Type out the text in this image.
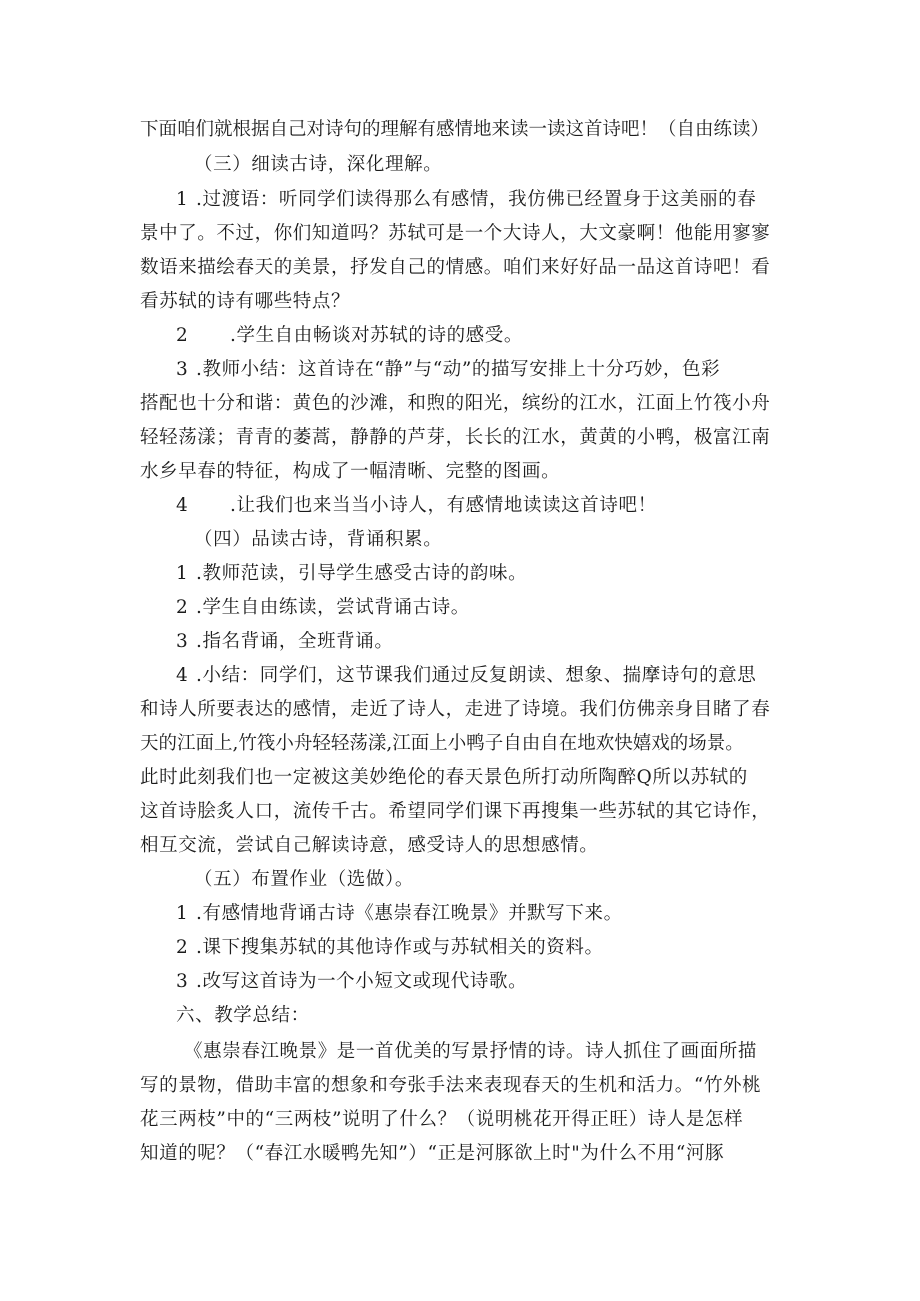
下面咱们就根据自己对诗句的理解有感情地来读一读这首诗吧！（自由练读）
（三）细读古诗，深化理解。
1 .过渡语：听同学们读得那么有感情，我仿佛已经置身于这美丽的春
景中了。不过，你们知道吗？苏轼可是一个大诗人，大文豪啊！他能用寥寥
数语来描绘春天的美景，抒发自己的情感。咱们来好好品一品这首诗吧！看
看苏轼的诗有哪些特点？
2 .学生自由畅谈对苏轼的诗的感受。
3 .教师小结：这首诗在“静”与“动”的描写安排上十分巧妙，色彩
搭配也十分和谐：黄色的沙滩，和煦的阳光，缤纷的江水，江面上竹筏小舟
轻轻荡漾；青青的萎蒿，静静的芦芽，长长的江水，黄黄的小鸭，极富江南
水乡早春的特征，构成了一幅清晰、完整的图画。
4 .让我们也来当当小诗人，有感情地读读这首诗吧！
（四）品读古诗，背诵积累。
1 .教师范读，引导学生感受古诗的韵味。
2 .学生自由练读，尝试背诵古诗。
3 .指名背诵，全班背诵。
4 .小结：同学们，这节课我们通过反复朗读、想象、揣摩诗句的意思
和诗人所要表达的感情，走近了诗人，走进了诗境。我们仿佛亲身目睹了春
天的江面上,竹筏小舟轻轻荡漾,江面上小鸭子自由自在地欢快嬉戏的场景。
此时此刻我们也一定被这美妙绝伦的春天景色所打动所陶醉Q所以苏轼的
这首诗脍炙人口，流传千古。希望同学们课下再搜集一些苏轼的其它诗作，
相互交流，尝试自己解读诗意，感受诗人的思想感情。
（五）布置作业（选做）。
1 .有感情地背诵古诗《惠崇春江晚景》并默写下来。
2 .课下搜集苏轼的其他诗作或与苏轼相关的资料。
3 .改写这首诗为一个小短文或现代诗歌。
六、教学总结：
《惠崇春江晚景》是一首优美的写景抒情的诗。诗人抓住了画面所描
写的景物，借助丰富的想象和夸张手法来表现春天的生机和活力。“竹外桃
花三两枝”中的“三两枝”说明了什么？（说明桃花开得正旺）诗人是怎样
知道的呢？（“春江水暖鸭先知”）“正是河豚欲上时"为什么不用“河豚
